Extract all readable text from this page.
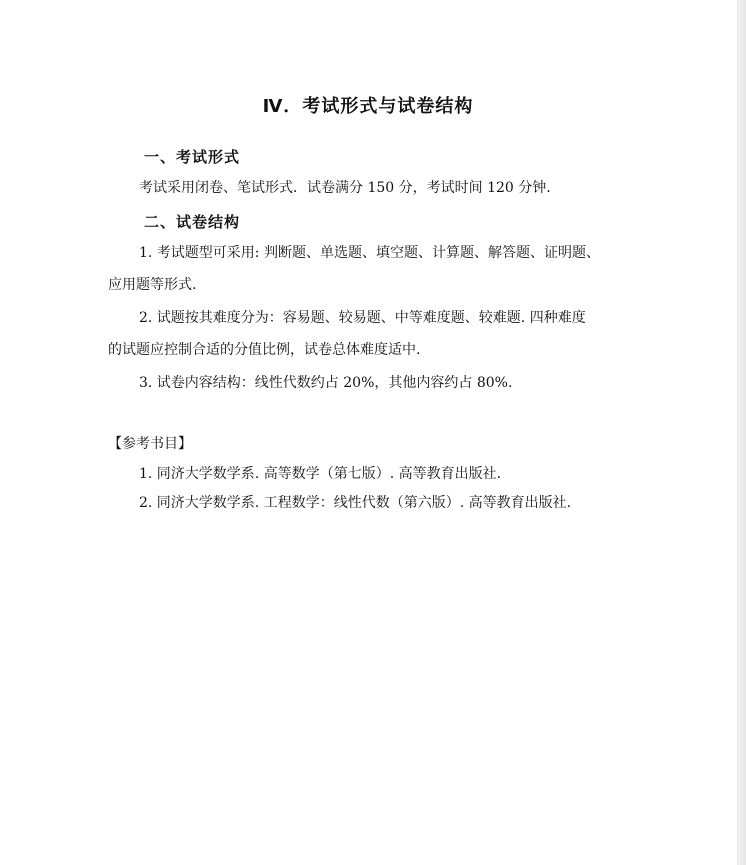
Ⅳ．考试形式与试卷结构
一、考试形式
考试采用闭卷、笔试形式．试卷满分 150 分，考试时间 120 分钟.
二、试卷结构
1. 考试题型可采用: 判断题、单选题、填空题、计算题、解答题、证明题、
应用题等形式.
2. 试题按其难度分为：容易题、较易题、中等难度题、较难题. 四种难度
的试题应控制合适的分值比例，试卷总体难度适中.
3. 试卷内容结构：线性代数约占 20%，其他内容约占 80%.
【参考书目】
1. 同济大学数学系. 高等数学（第七版）. 高等教育出版社.
2. 同济大学数学系. 工程数学：线性代数（第六版）. 高等教育出版社.
